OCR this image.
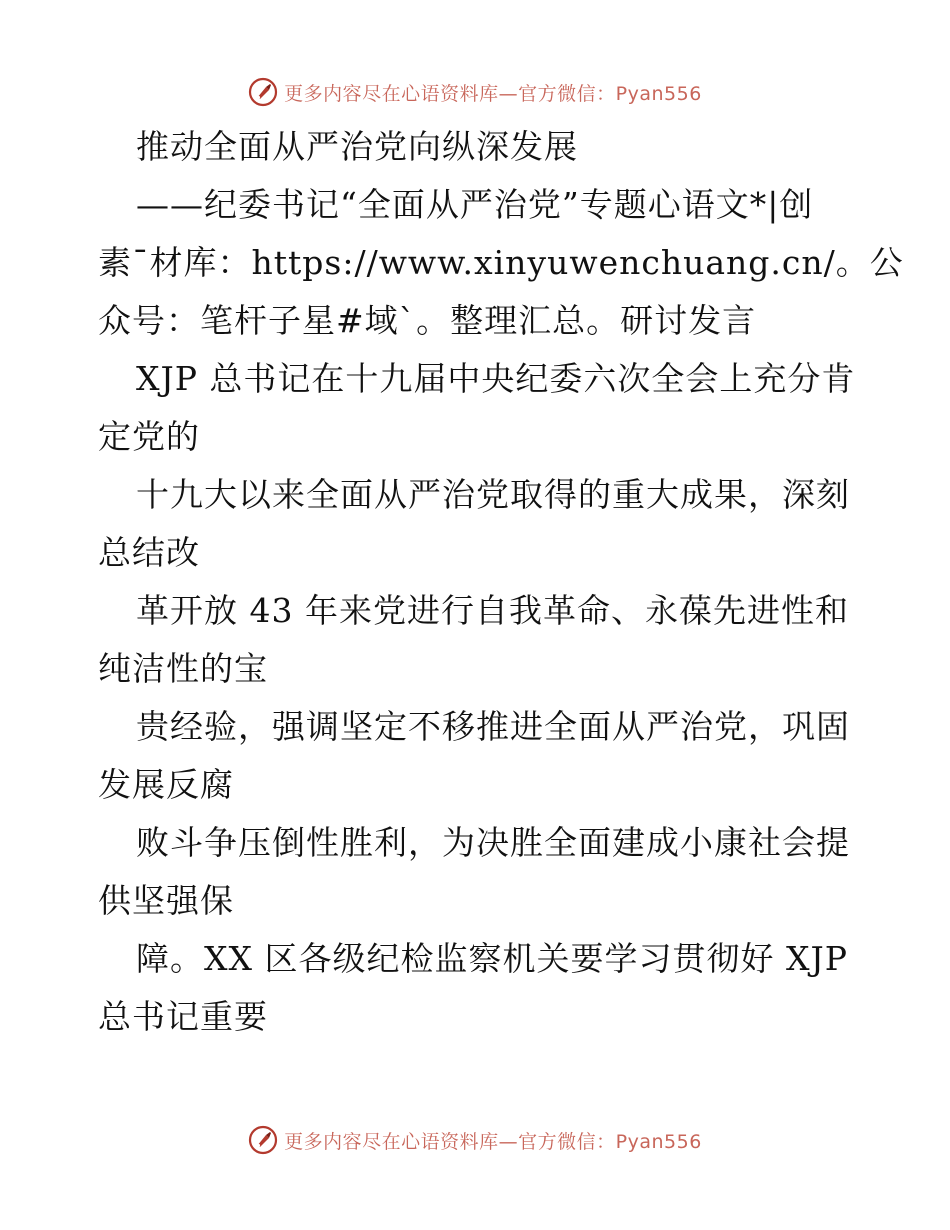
更多内容尽在心语资料库—官方微信：Pyan556
推动全面从严治党向纵深发展
——纪委书记“全面从严治党”专题心语文*|创
素¯材库：https://www.xinyuwenchuang.cn/。公
众号：笔杆子星#域`。整理汇总。研讨发言
XJP 总书记在十九届中央纪委六次全会上充分肯
定党的
十九大以来全面从严治党取得的重大成果，深刻
总结改
革开放 43 年来党进行自我革命、永葆先进性和
纯洁性的宝
贵经验，强调坚定不移推进全面从严治党，巩固
发展反腐
败斗争压倒性胜利，为决胜全面建成小康社会提
供坚强保
障。XX 区各级纪检监察机关要学习贯彻好 XJP
总书记重要
更多内容尽在心语资料库—官方微信：Pyan556
